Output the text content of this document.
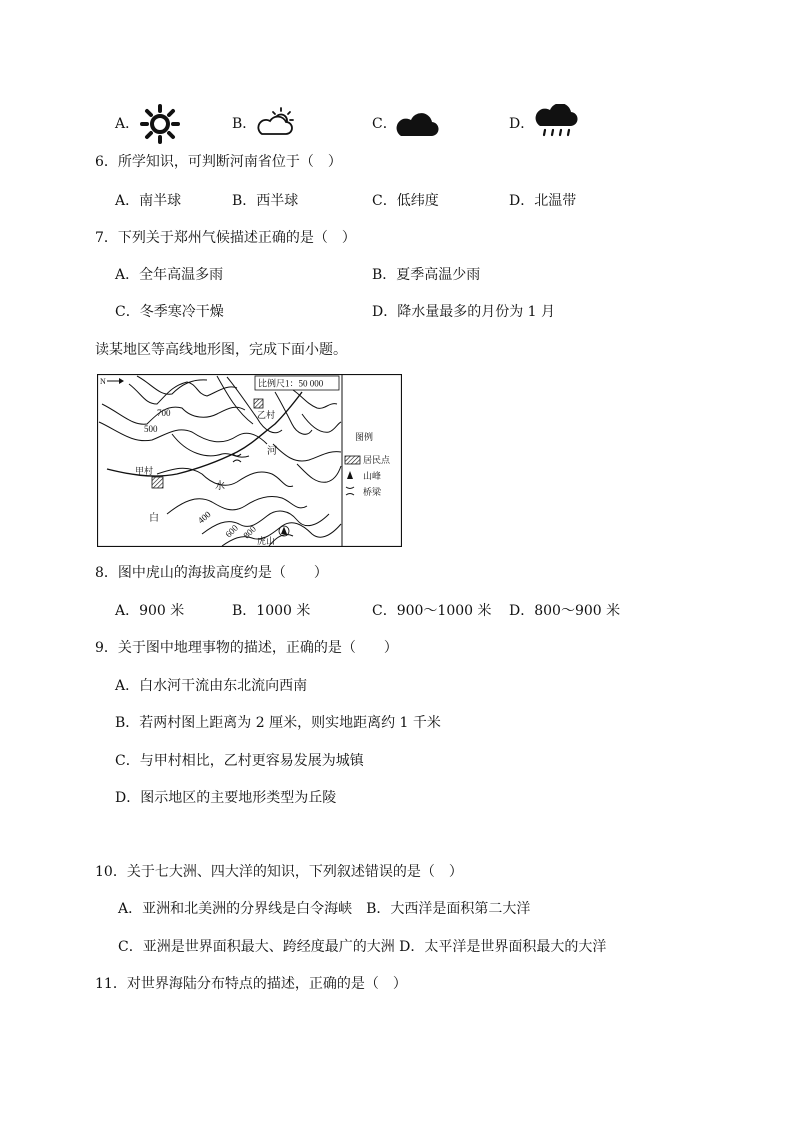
A．	B．	C．	D．
6．所学知识，可判断河南省位于（　）
A．南半球	B．西半球	C．低纬度	D．北温带
7．下列关于郑州气候描述正确的是（　）
A．全年高温多雨	B．夏季高温少雨
C．冬季寒冷干燥	D．降水量最多的月份为 1 月
读某地区等高线地形图，完成下面小题。
比例尺1：50 000
N
700
500
400
600 800
乙村
甲村
白
水
河
虎山
图例
居民点
山峰
桥梁
8．图中虎山的海拔高度约是（　　）
A．900 米	B．1000 米	C．900～1000 米 D．800～900 米
9．关于图中地理事物的描述，正确的是（　　）
A．白水河干流由东北流向西南
B．若两村图上距离为 2 厘米，则实地距离约 1 千米
C．与甲村相比，乙村更容易发展为城镇
D．图示地区的主要地形类型为丘陵
10．关于七大洲、四大洋的知识，下列叙述错误的是（　）
A．亚洲和北美洲的分界线是白令海峡　B．大西洋是面积第二大洋
C．亚洲是世界面积最大、跨经度最广的大洲 D．太平洋是世界面积最大的大洋
11．对世界海陆分布特点的描述，正确的是（　）
